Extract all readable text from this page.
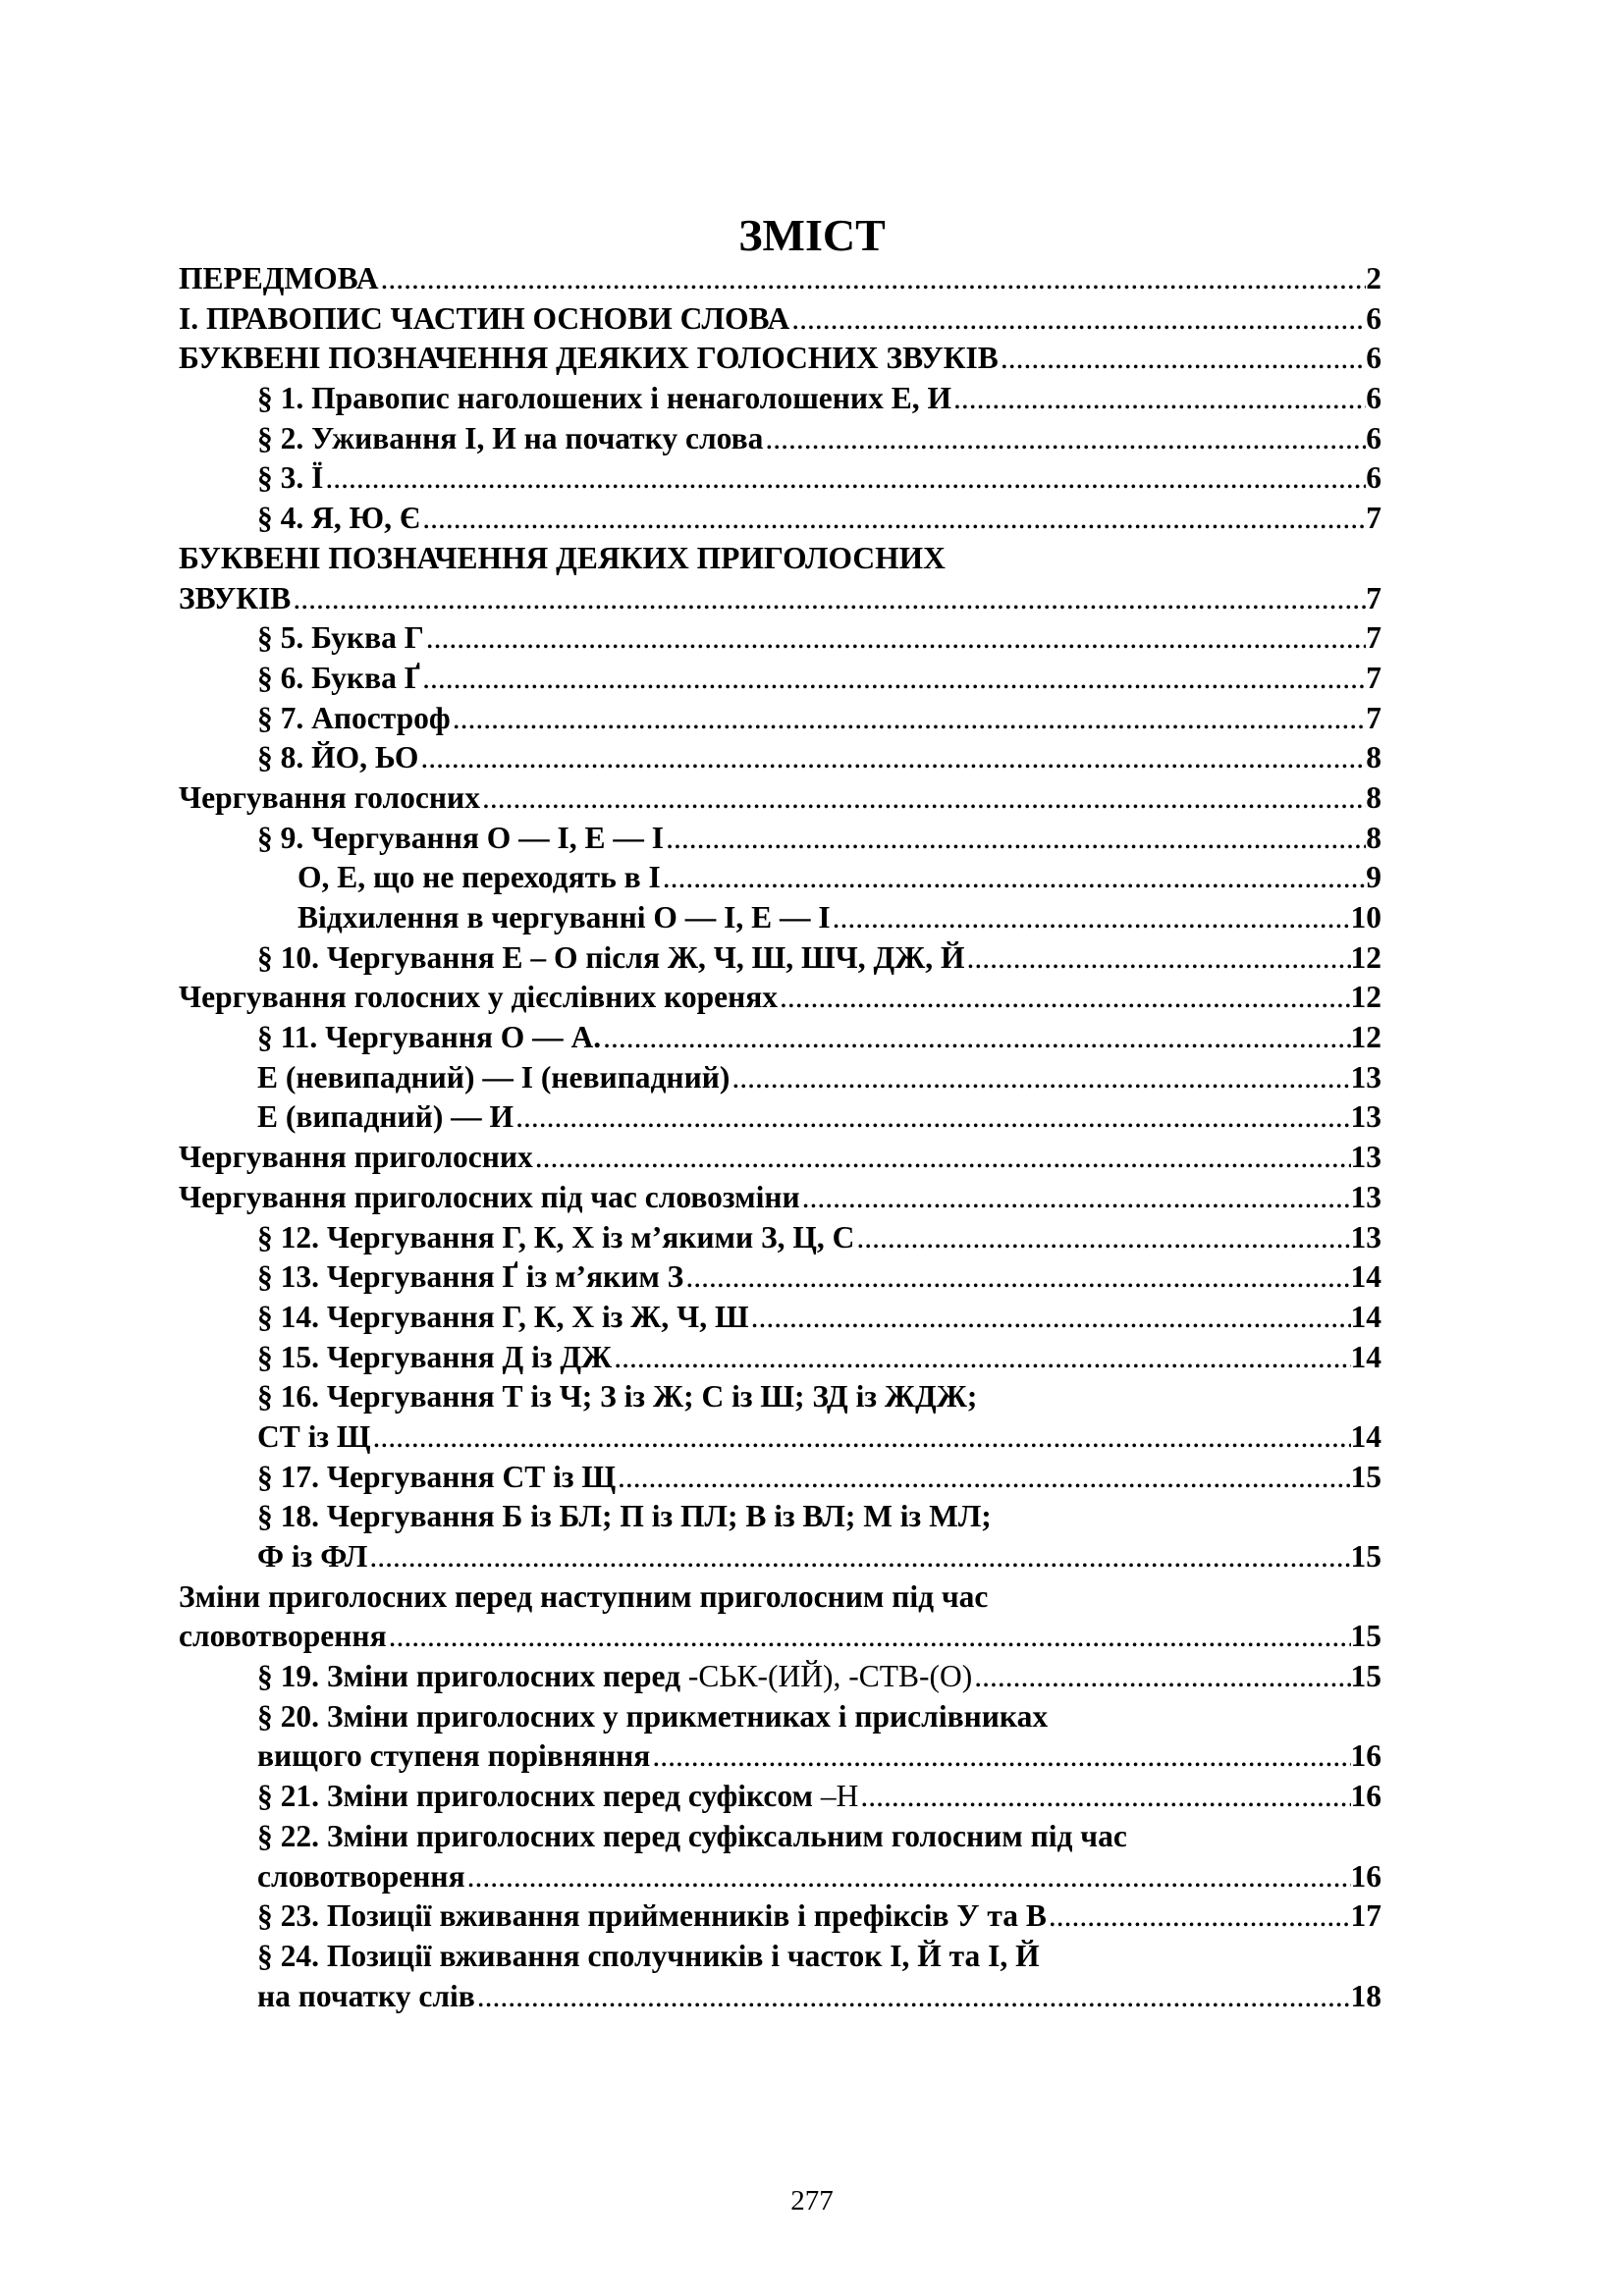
ЗМІСТ
ПЕРЕДМОВА .....	2
І. ПРАВОПИС ЧАСТИН ОСНОВИ СЛОВА .....	6
БУКВЕНІ ПОЗНАЧЕННЯ ДЕЯКИХ ГОЛОСНИХ ЗВУКІВ .....	6
§ 1. Правопис наголошених і ненаголошених Е, И .....	6
§ 2. Уживання І, И на початку слова .....	6
§ 3. Ї .....	6
§ 4. Я, Ю, Є .....	7
БУКВЕНІ ПОЗНАЧЕННЯ ДЕЯКИХ ПРИГОЛОСНИХ
ЗВУКІВ .....	7
§ 5. Буква Г .....	7
§ 6. Буква Ґ .....	7
§ 7. Апостроф .....	7
§ 8. ЙО, ЬО .....	8
Чергування голосних .....	8
§ 9. Чергування О — І, Е — І .....	8
О, Е, що не переходять в І .....	9
Відхилення в чергуванні О — І, Е — І .....	10
§ 10. Чергування Е – О після Ж, Ч, Ш, ШЧ, ДЖ, Й .....	12
Чергування голосних у дієслівних коренях .....	12
§ 11. Чергування О — А. .....	12
Е (невипадний) — І (невипадний) .....	13
Е (випадний) — И .....	13
Чергування приголосних .....	13
Чергування приголосних під час словозміни .....	13
§ 12. Чергування Г, К, Х із м’якими З, Ц, С .....	13
§ 13. Чергування Ґ із м’яким З .....	14
§ 14. Чергування Г, К, Х із Ж, Ч, Ш .....	14
§ 15. Чергування Д із ДЖ .....	14
§ 16. Чергування Т із Ч; З із Ж; С із Ш; ЗД із ЖДЖ;
СТ із Щ .....	14
§ 17. Чергування СТ із Щ .....	15
§ 18. Чергування Б із БЛ; П із ПЛ; В із ВЛ; М із МЛ;
Ф із ФЛ .....	15
Зміни приголосних перед наступним приголосним під час
словотворення .....	15
§ 19. Зміни приголосних перед -СЬК-(ИЙ), -СТВ-(О) .....	15
§ 20. Зміни приголосних у прикметниках і прислівниках
вищого ступеня порівняння .....	16
§ 21. Зміни приголосних перед суфіксом –Н .....	16
§ 22. Зміни приголосних перед суфіксальним голосним під час
словотворення .....	16
§ 23. Позиції вживання прийменників і префіксів У та В .....	17
§ 24. Позиції вживання сполучників і часток І, Й та І, Й
на початку слів .....	18
277
